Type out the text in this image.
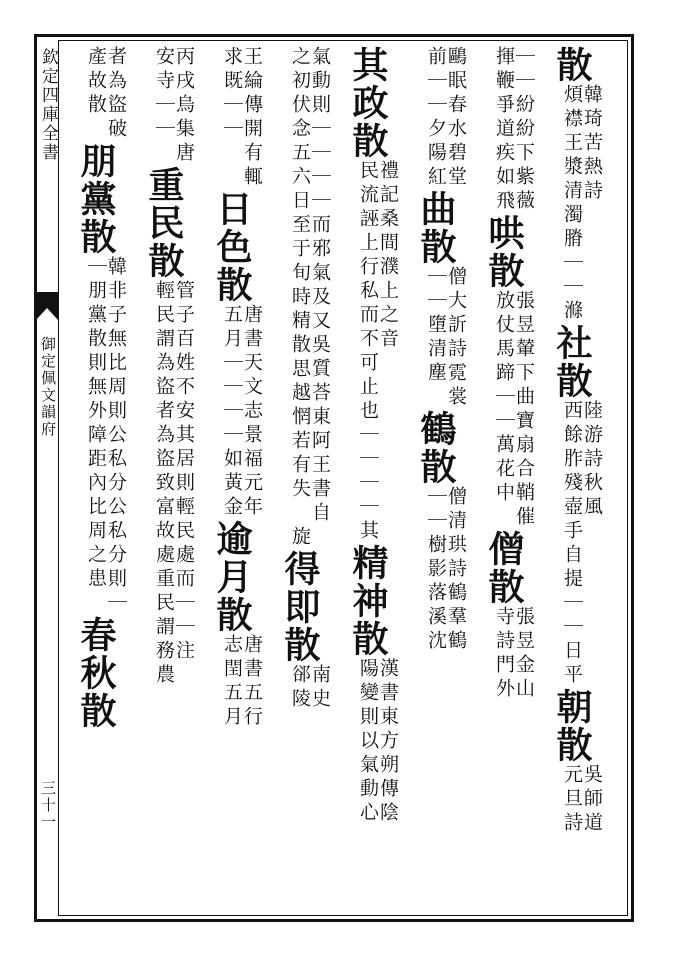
欽定四庫全書
御定佩文韻府
三十一
散
韓琦苦熱詩
煩襟王漿清濁膌
｜｜滌社散
陸游詩秋風
西餘胙殘壺手自提
｜｜日平朝散
吳師道
元旦詩
｜｜紛紛下紫薇
揮鞭爭道疾如飛
哄散
張昱輦下曲寶扇合鞘催
放仗馬蹄｜｜萬花中
僧散
張昱金山
寺詩門外
鷗眠春水碧堂
前｜｜夕陽紅
曲散
僧大訢詩霓裳
｜｜墮清塵
鶴散
僧清珙詩鶴羣鶴
｜｜樹影落溪沈
其政散
禮記桑間濮上之音
民流誣上行私而不可止也
｜｜｜｜其精神散
漢書東方朔傳陰
陽變則以氣動心
氣動則｜｜｜｜而邪氣及又吳質荅東阿王書自
之初伏念五六日至于旬時精散思越惘若有失
旋
得即散
南史
郤陵
王綸傳開有輒
求既｜｜
日色散
唐書天文志景福元年
五月｜｜｜｜如黃金
逾月散
唐書五行
志閏五月
丙戌烏集唐
安寺｜｜
重民散
管子百姓不安其居則輕民處而｜｜注
輕民謂為盜者為盜致富故處重民謂務農
者為盜破
產故散
朋黨散
韓非子無比周則公私分公私分則｜
｜朋黨散則無外障距內比周之患
春秋散
